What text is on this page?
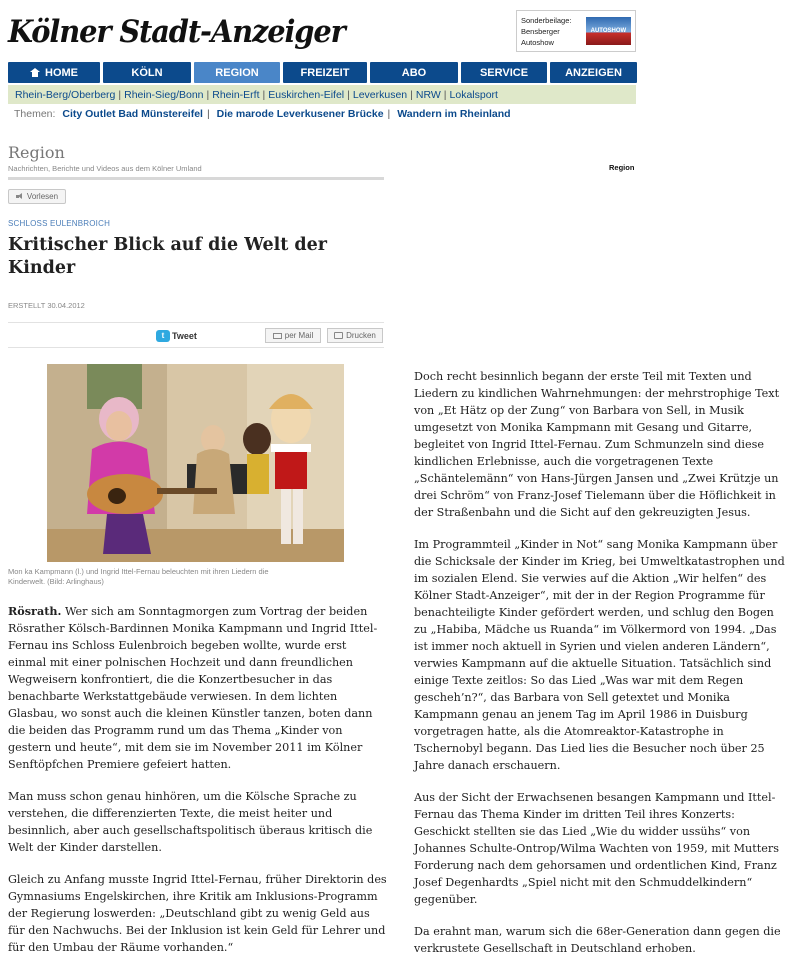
Kölner Stadt-Anzeiger	Sonderbeilage:
Bensberger
Autoshow
AUTOSHOW
HOME	KÖLN	REGION	FREIZEIT	ABO	SERVICE	ANZEIGEN
Rhein-Berg/Oberberg | Rhein-Sieg/Bonn | Rhein-Erft | Euskirchen-Eifel | Leverkusen | NRW | Lokalsport
Themen: City Outlet Bad Münstereifel | Die marode Leverkusener Brücke | Wandern im Rheinland
Region
Nachrichten, Berichte und Videos aus dem Kölner Umland	Region
Vorlesen
SCHLOSS EULENBROICH
Kritischer Blick auf die Welt der Kinder
ERSTELLT 30.04.2012
t Tweet	per Mail	Drucken
Mon ka Kampmann (l.) und Ingrid Ittel-Fernau beleuchten mit ihren Liedern die Kinderwelt. (Bild: Arlinghaus)

Rösrath. Wer sich am Sonntagmorgen zum Vortrag der beiden Rösrather Kölsch-Bardinnen Monika Kampmann und Ingrid Ittel-Fernau ins Schloss Eulenbroich begeben wollte, wurde erst einmal mit einer polnischen Hochzeit und dann freundlichen Wegweisern konfrontiert, die die Konzertbesucher in das benachbarte Werkstattgebäude verwiesen. In dem lichten Glasbau, wo sonst auch die kleinen Künstler tanzen, boten dann die beiden das Programm rund um das Thema „Kinder von gestern und heute“, mit dem sie im November 2011 im Kölner Senftöpfchen Premiere gefeiert hatten.

Man muss schon genau hinhören, um die Kölsche Sprache zu verstehen, die differenzierten Texte, die meist heiter und besinnlich, aber auch gesellschaftspolitisch überaus kritisch die Welt der Kinder darstellen.

Gleich zu Anfang musste Ingrid Ittel-Fernau, früher Direktorin des Gymnasiums Engelskirchen, ihre Kritik am Inklusions-Programm der Regierung loswerden: „Deutschland gibt zu wenig Geld aus für den Nachwuchs. Bei der Inklusion ist kein Geld für Lehrer und für den Umbau der Räume vorhanden.“

Doch recht besinnlich begann der erste Teil mit Texten und Liedern zu kindlichen Wahrnehmungen: der mehrstrophige Text von „Et Hätz op der Zung“ von Barbara von Sell, in Musik umgesetzt von Monika Kampmann mit Gesang und Gitarre, begleitet von Ingrid Ittel-Fernau. Zum Schmunzeln sind diese kindlichen Erlebnisse, auch die vorgetragenen Texte „Schäntelemänn“ von Hans-Jürgen Jansen und „Zwei Krützje un drei Schröm“ von Franz-Josef Tielemann über die Höflichkeit in der Straßenbahn und die Sicht auf den gekreuzigten Jesus.

Im Programmteil „Kinder in Not“ sang Monika Kampmann über die Schicksale der Kinder im Krieg, bei Umweltkatastrophen und im sozialen Elend. Sie verwies auf die Aktion „Wir helfen“ des Kölner Stadt-Anzeiger“, mit der in der Region Programme für benachteiligte Kinder gefördert werden, und schlug den Bogen zu „Habiba, Mädche us Ruanda“ im Völkermord von 1994. „Das ist immer noch aktuell in Syrien und vielen anderen Ländern“, verwies Kampmann auf die aktuelle Situation. Tatsächlich sind einige Texte zeitlos: So das Lied „Was war mit dem Regen gescheh’n?“, das Barbara von Sell getextet und Monika Kampmann genau an jenem Tag im April 1986 in Duisburg vorgetragen hatte, als die Atomreaktor-Katastrophe in Tschernobyl begann. Das Lied lies die Besucher noch über 25 Jahre danach erschauern.

Aus der Sicht der Erwachsenen besangen Kampmann und Ittel-Fernau das Thema Kinder im dritten Teil ihres Konzerts: Geschickt stellten sie das Lied „Wie du widder ussühs“ von Johannes Schulte-Ontrop/Wilma Wachten von 1959, mit Mutters Forderung nach dem gehorsamen und ordentlichen Kind, Franz Josef Degenhardts „Spiel nicht mit den Schmuddelkindern“ gegenüber.

Da erahnt man, warum sich die 68er-Generation dann gegen die verkrustete Gesellschaft in Deutschland erhoben.
